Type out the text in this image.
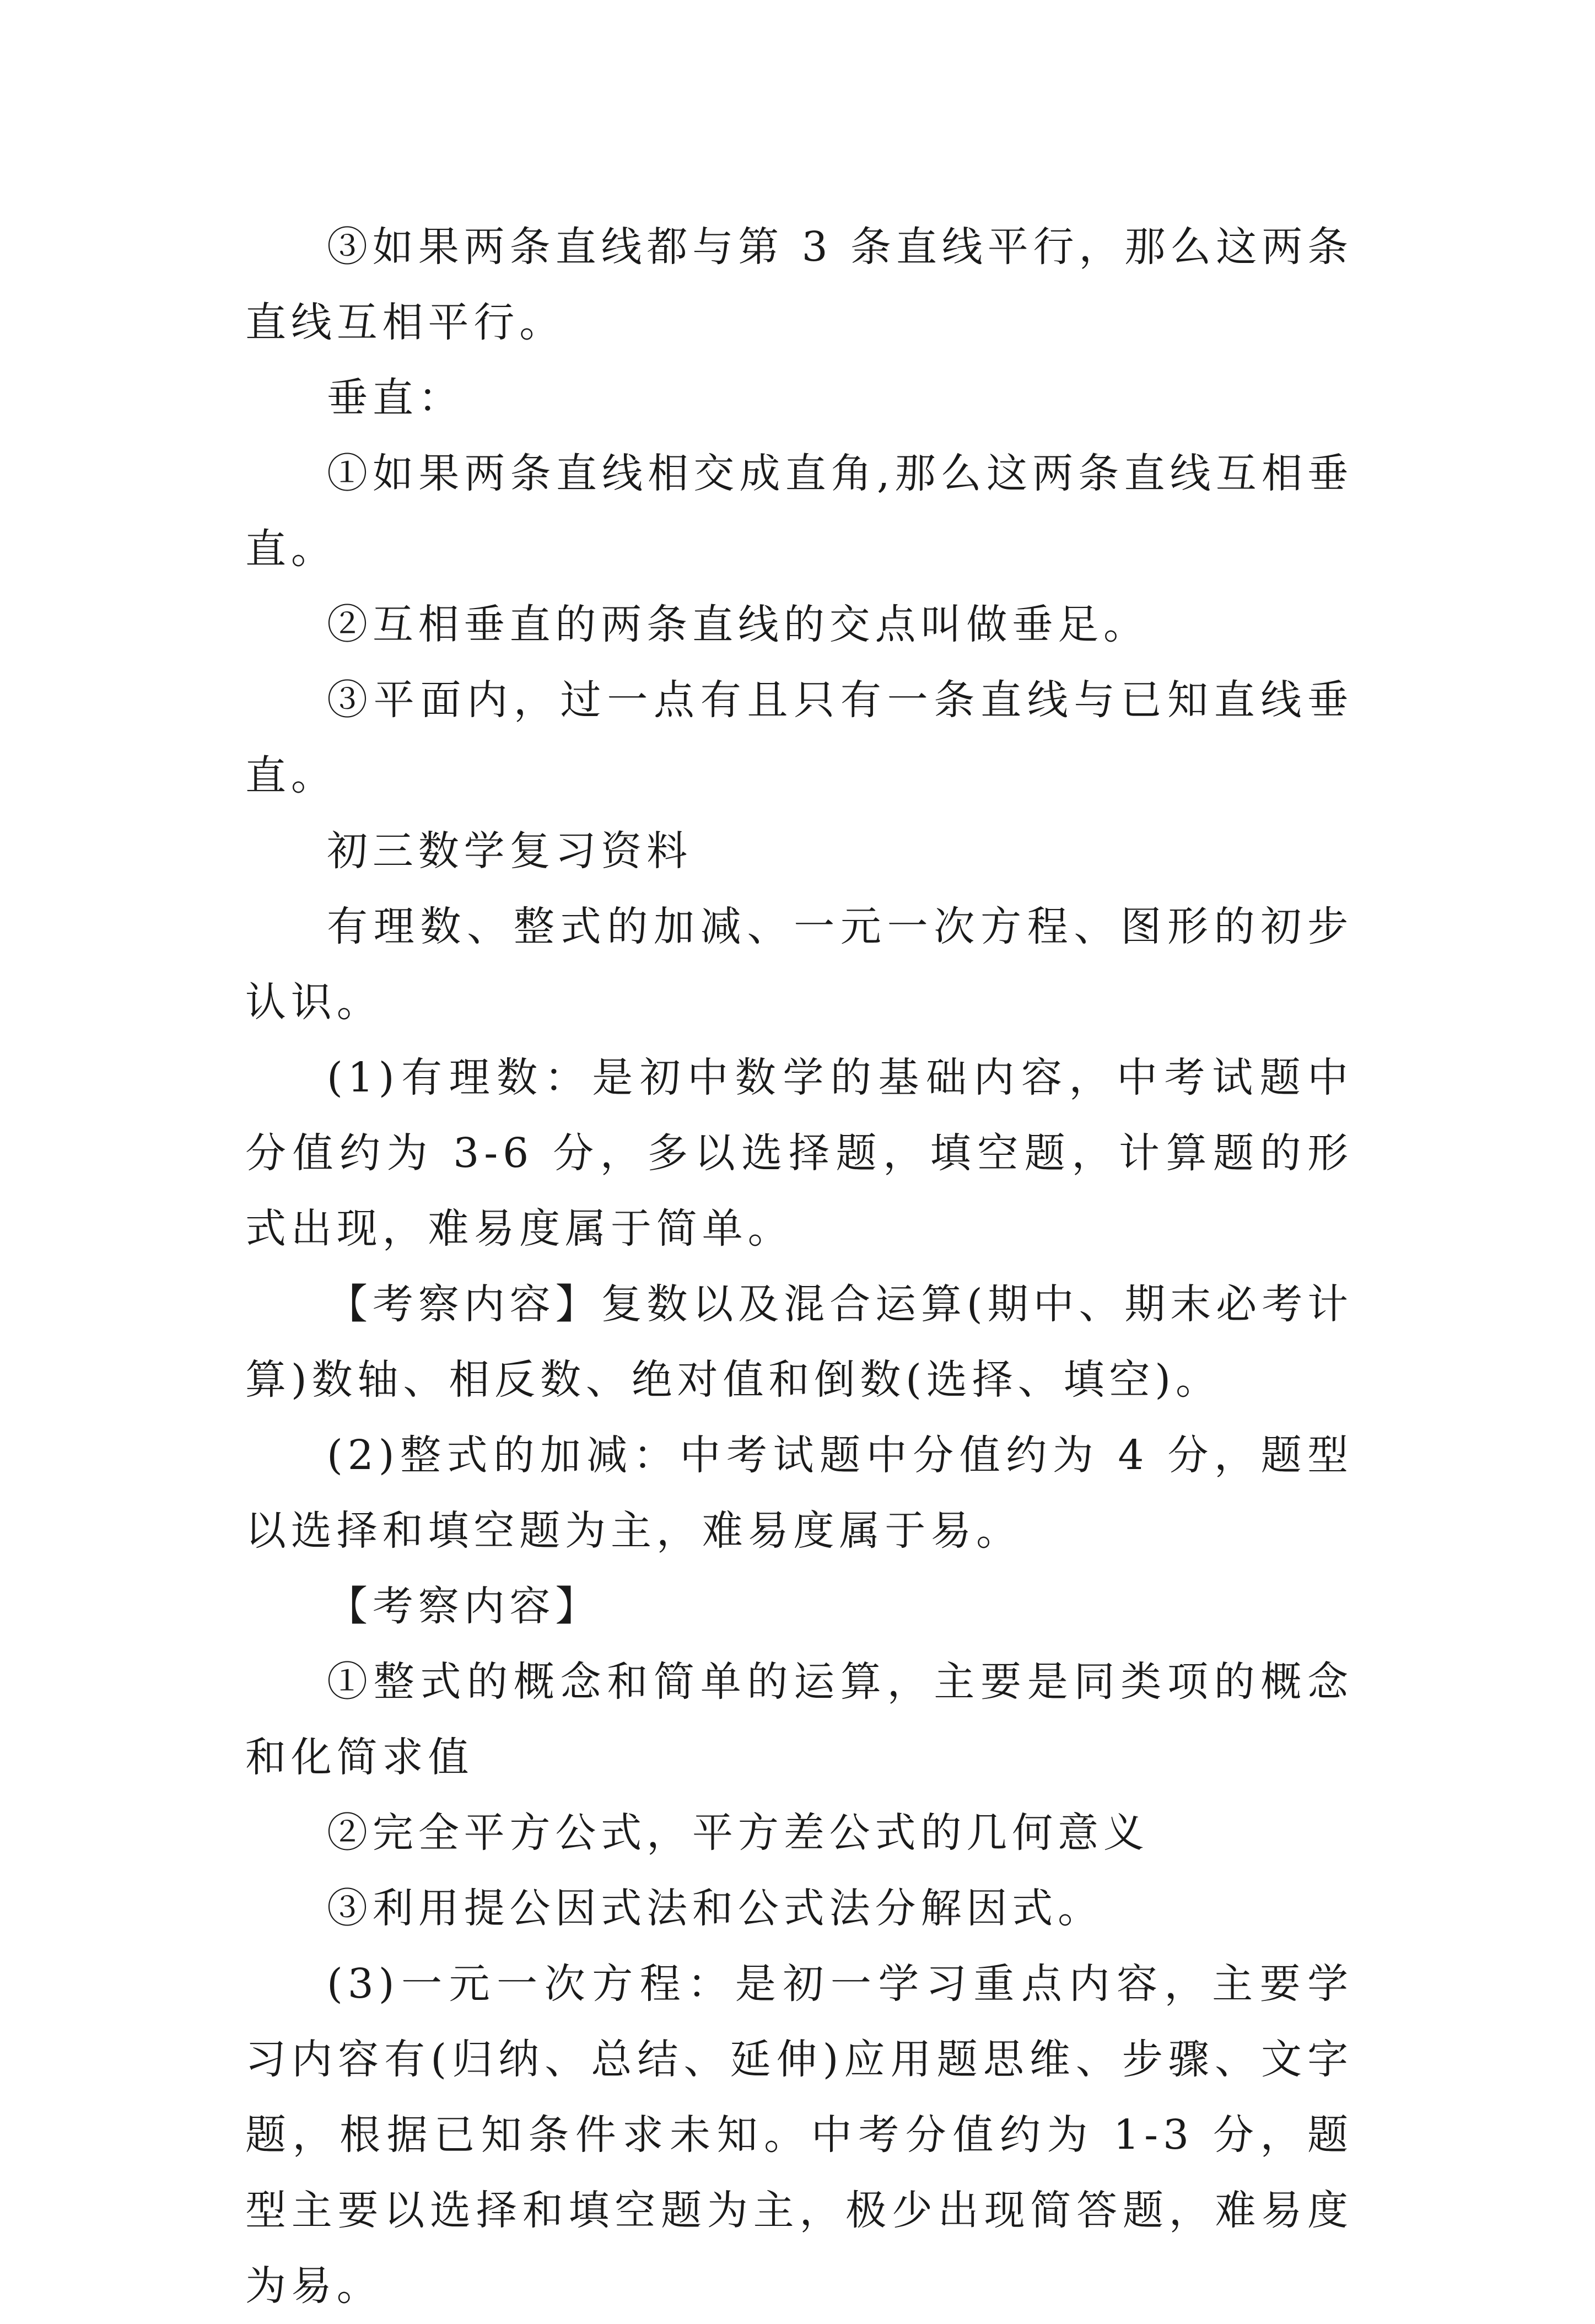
③如果两条直线都与第 3 条直线平行，那么这两条直线互相平行。

垂直：

①如果两条直线相交成直角,那么这两条直线互相垂直。

②互相垂直的两条直线的交点叫做垂足。

③平面内，过一点有且只有一条直线与已知直线垂直。

初三数学复习资料

有理数、整式的加减、一元一次方程、图形的初步认识。

(1)有理数：是初中数学的基础内容，中考试题中分值约为 3-6 分，多以选择题，填空题，计算题的形式出现，难易度属于简单。

【考察内容】复数以及混合运算(期中、期末必考计算)数轴、相反数、绝对值和倒数(选择、填空)。

(2)整式的加减：中考试题中分值约为 4 分，题型以选择和填空题为主，难易度属于易。

【考察内容】

①整式的概念和简单的运算，主要是同类项的概念和化简求值

②完全平方公式，平方差公式的几何意义

③利用提公因式法和公式法分解因式。

(3)一元一次方程：是初一学习重点内容，主要学习内容有(归纳、总结、延伸)应用题思维、步骤、文字题，根据已知条件求未知。中考分值约为 1-3 分，题型主要以选择和填空题为主，极少出现简答题，难易度为易。
